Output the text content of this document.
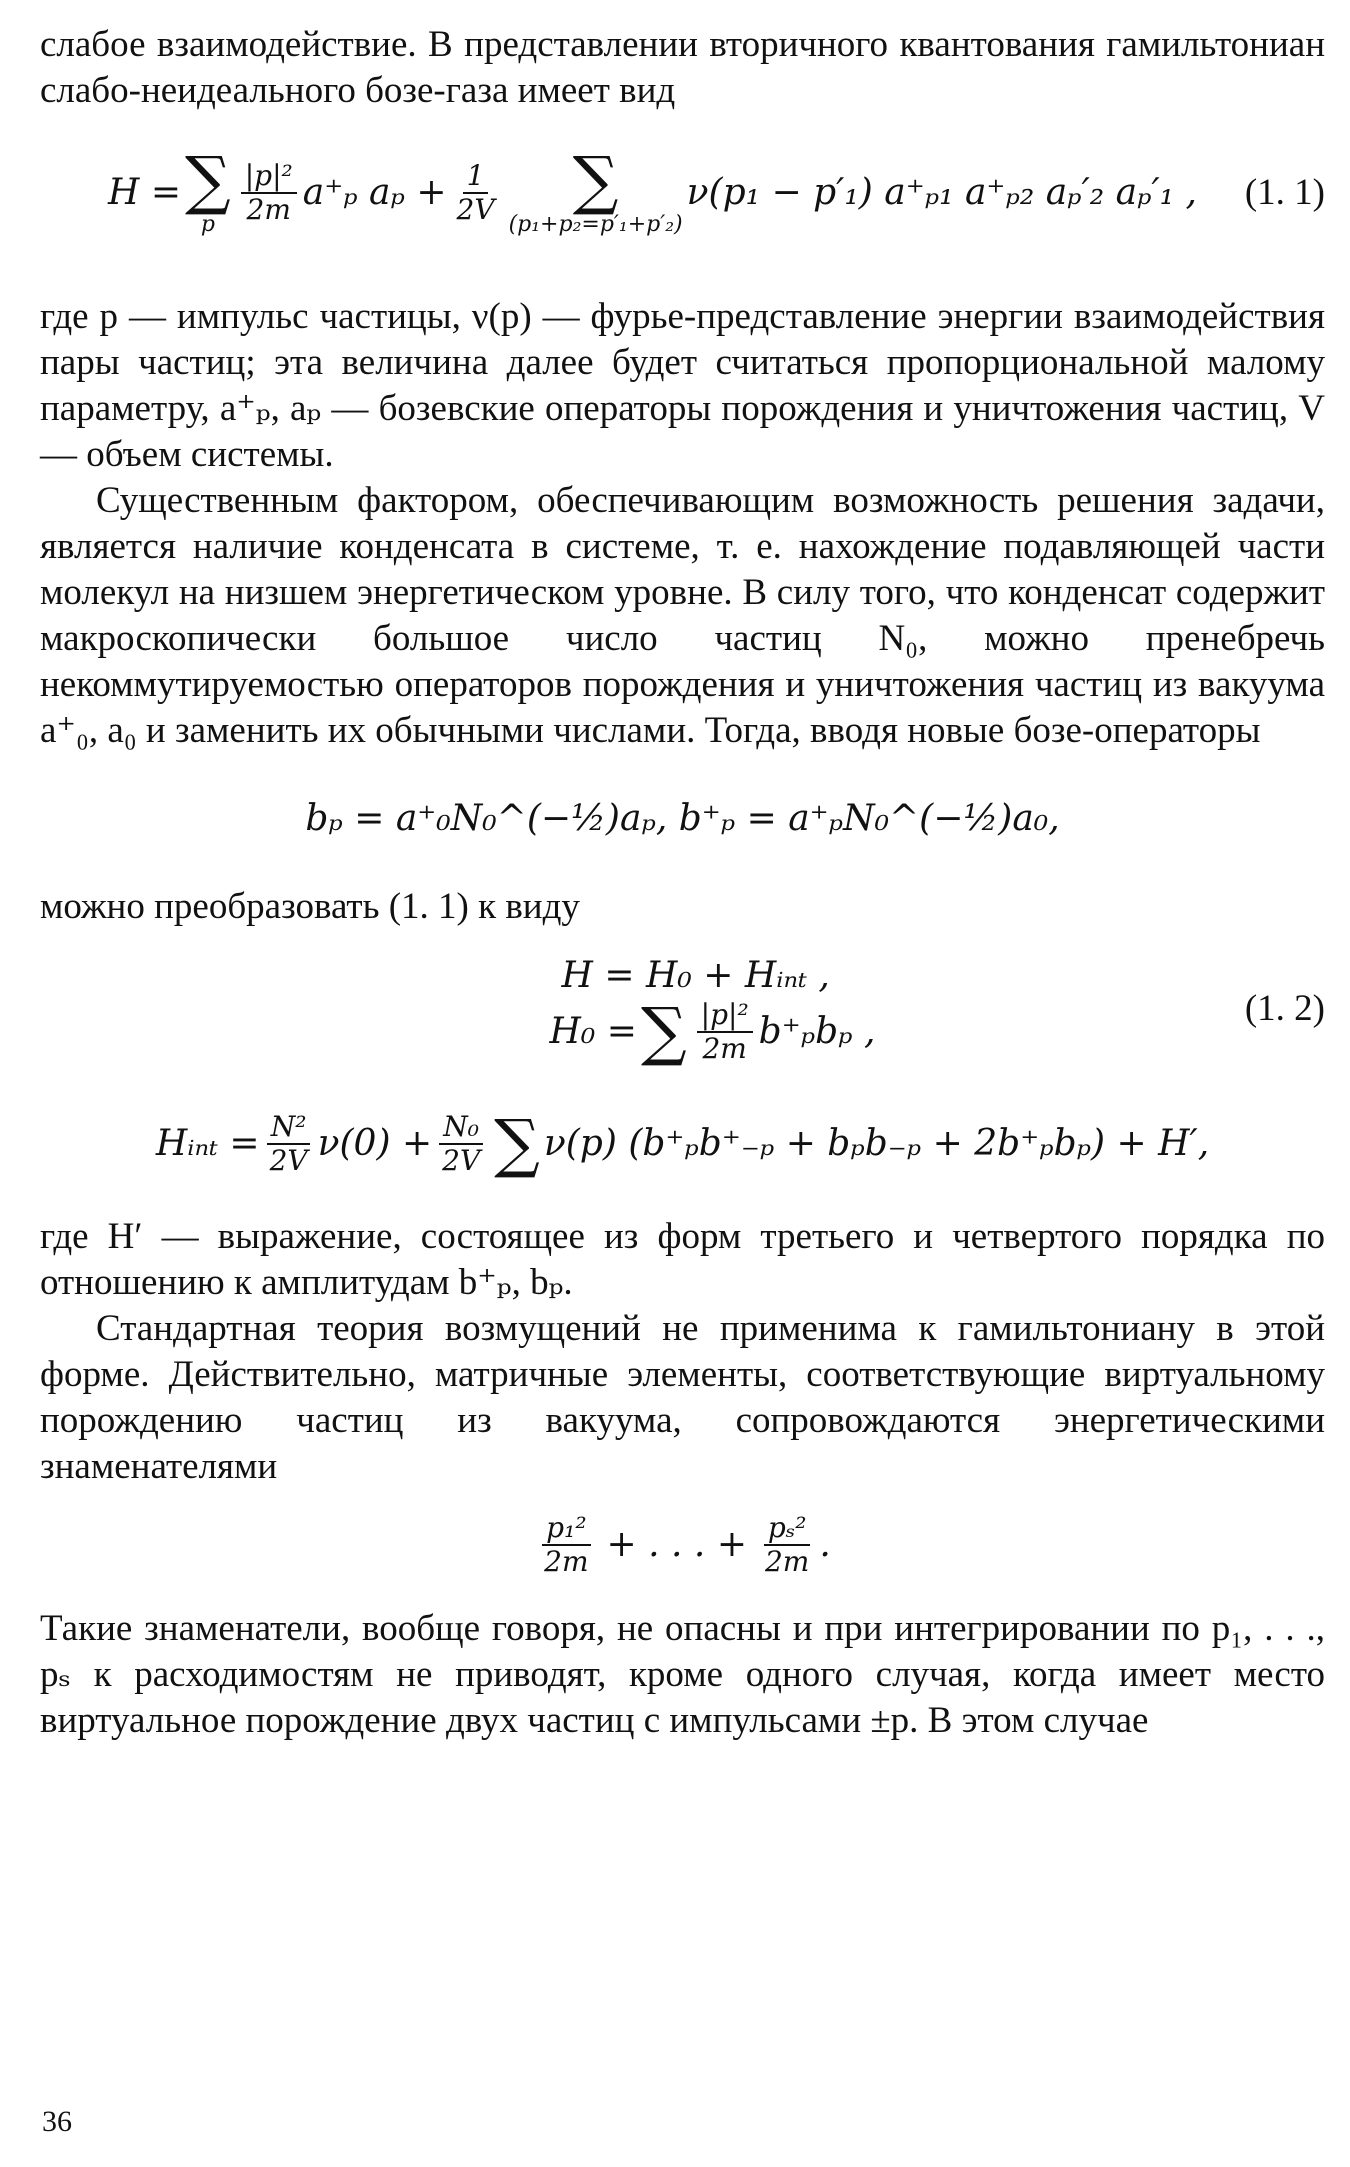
слабое взаимодействие. В представлении вторичного квантования гамильтониан слабо-неидеального бозе-газа имеет вид

H = ∑
p $\frac{\text{|p|²}}{2m} a^+_p$ $a_p + \frac{1}{2V}$ ∑
(p₁+p₂=p′₁+p′₂)
ν(p₁ − p′₁) a⁺ₚ₁ a⁺ₚ₂ aₚ′₂ aₚ′₁ , (1. 1)

где p — импульс частицы, ν(p) — фурье-представление энергии взаимодействия пары частиц; эта величина далее будет считаться пропорциональной малому параметру, a⁺ₚ, aₚ — бозевские операторы порождения и уничтожения частиц, V — объем системы.

Существенным фактором, обеспечивающим возможность решения задачи, является наличие конденсата в системе, т. е. нахождение подавляющей части молекул на низшем энергетическом уровне. В силу того, что конденсат содержит макроскопически большое число частиц N₀, можно пренебречь некоммутируемостью операторов порождения и уничтожения частиц из вакуума a⁺₀, a₀ и заменить их обычными числами. Тогда, вводя новые бозе-операторы

bₚ = a⁺₀N₀^(−½)aₚ, b⁺ₚ = a⁺ₚN₀^(−½)a₀,

можно преобразовать (1. 1) к виду

H = H₀ + Hᵢₙₜ ,
H₀ = ∑ $\frac{\text{|p|²}}{2m} b^+_pb_p$ ,
(1. 2)
Hᵢₙₜ = $\frac{\text{N²}}{2V} \nu(0) + \frac{\text{N₀}}{2V}$ ∑ ν(p) (b⁺ₚb⁺₋ₚ + bₚb₋ₚ + 2b⁺ₚbₚ) + H′,

где H′ — выражение, состоящее из форм третьего и четвертого порядка по отношению к амплитудам b⁺ₚ, bₚ.

Стандартная теория возмущений не применима к гамильтониану в этой форме. Действительно, матричные элементы, соответствующие виртуальному порождению частиц из вакуума, сопровождаются энергетическими знаменателями

$\frac{\text{p₁²}}{2m}$ + . . . + $\frac{\text{pₛ²}}{2m}$ .

Такие знаменатели, вообще говоря, не опасны и при интегрировании по p₁, . . ., pₛ к расходимостям не приводят, кроме одного случая, когда имеет место виртуальное порождение двух частиц с импульсами ±p. В этом случае

36
